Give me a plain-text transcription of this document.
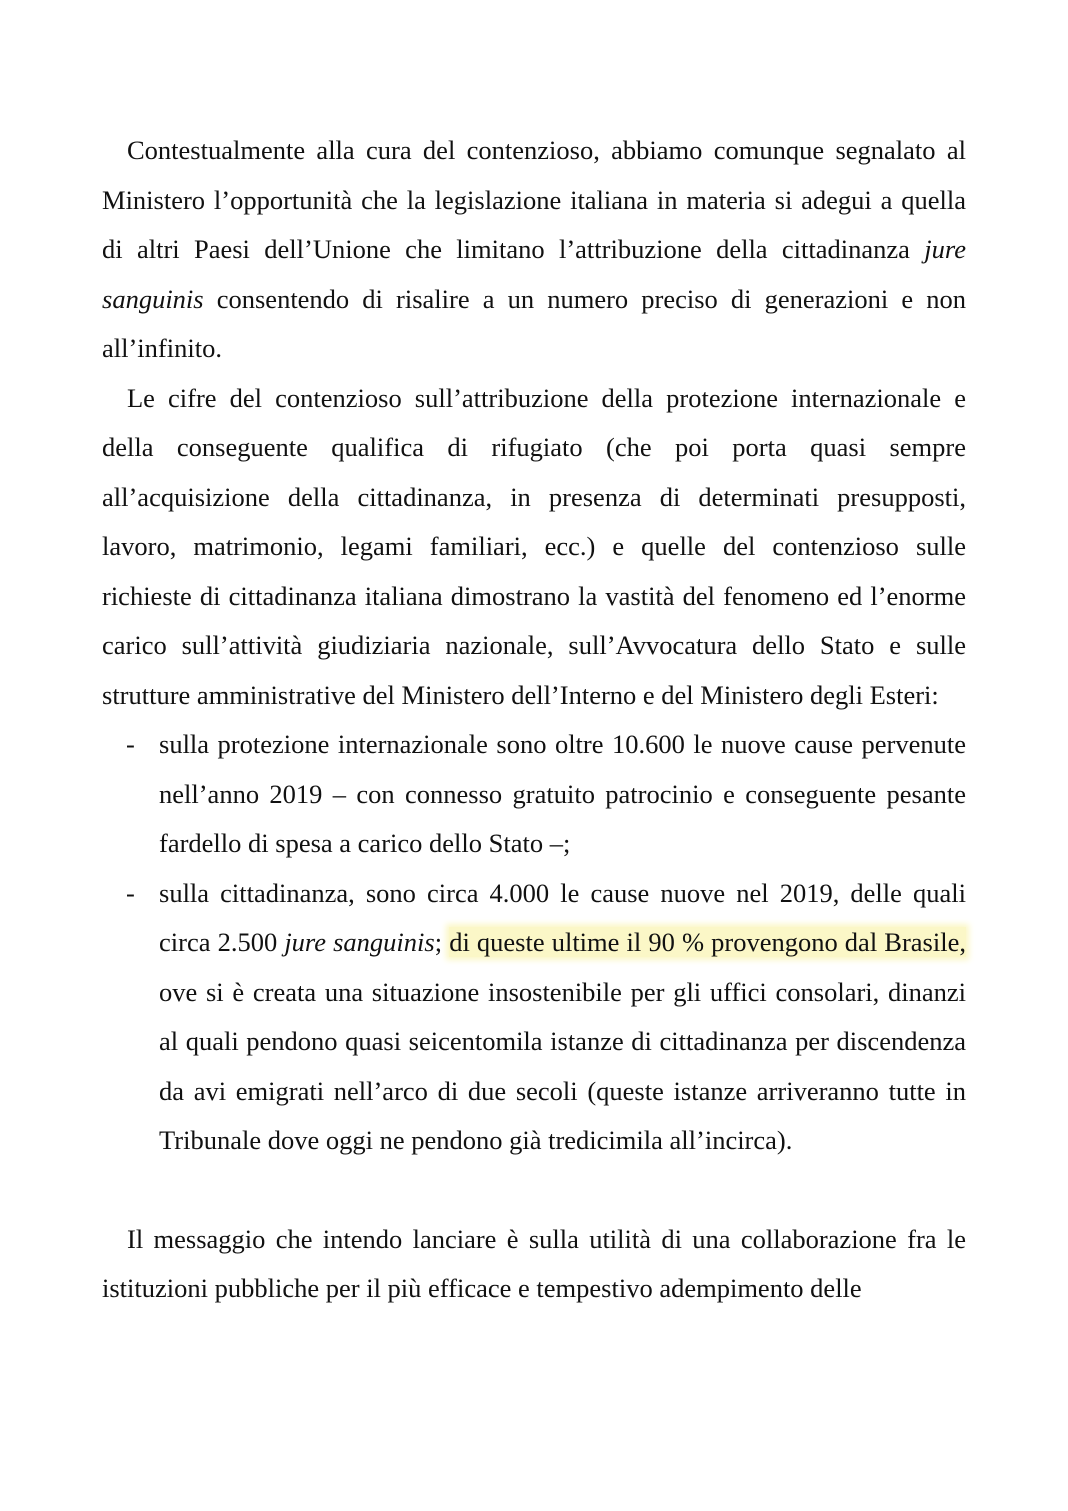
Contestualmente alla cura del contenzioso, abbiamo comunque segnalato al Ministero l’opportunità che la legislazione italiana in materia si adegui a quella di altri Paesi dell’Unione che limitano l’attribuzione della cittadinanza jure sanguinis consentendo di risalire a un numero preciso di generazioni e non all’infinito.

Le cifre del contenzioso sull’attribuzione della protezione internazionale e della conseguente qualifica di rifugiato (che poi porta quasi sempre all’acquisizione della cittadinanza, in presenza di determinati presupposti, lavoro, matrimonio, legami familiari, ecc.) e quelle del contenzioso sulle richieste di cittadinanza italiana dimostrano la vastità del fenomeno ed l’enorme carico sull’attività giudiziaria nazionale, sull’Avvocatura dello Stato e sulle strutture amministrative del Ministero dell’Interno e del Ministero degli Esteri:

- sulla protezione internazionale sono oltre 10.600 le nuove cause pervenute nell’anno 2019 – con connesso gratuito patrocinio e conseguente pesante fardello di spesa a carico dello Stato –;
- sulla cittadinanza, sono circa 4.000 le cause nuove nel 2019, delle quali circa 2.500 jure sanguinis; di queste ultime il 90 % provengono dal Brasile, ove si è creata una situazione insostenibile per gli uffici consolari, dinanzi al quali pendono quasi seicentomila istanze di cittadinanza per discendenza da avi emigrati nell’arco di due secoli (queste istanze arriveranno tutte in Tribunale dove oggi ne pendono già tredicimila all’incirca).

Il messaggio che intendo lanciare è sulla utilità di una collaborazione fra le istituzioni pubbliche per il più efficace e tempestivo adempimento delle
